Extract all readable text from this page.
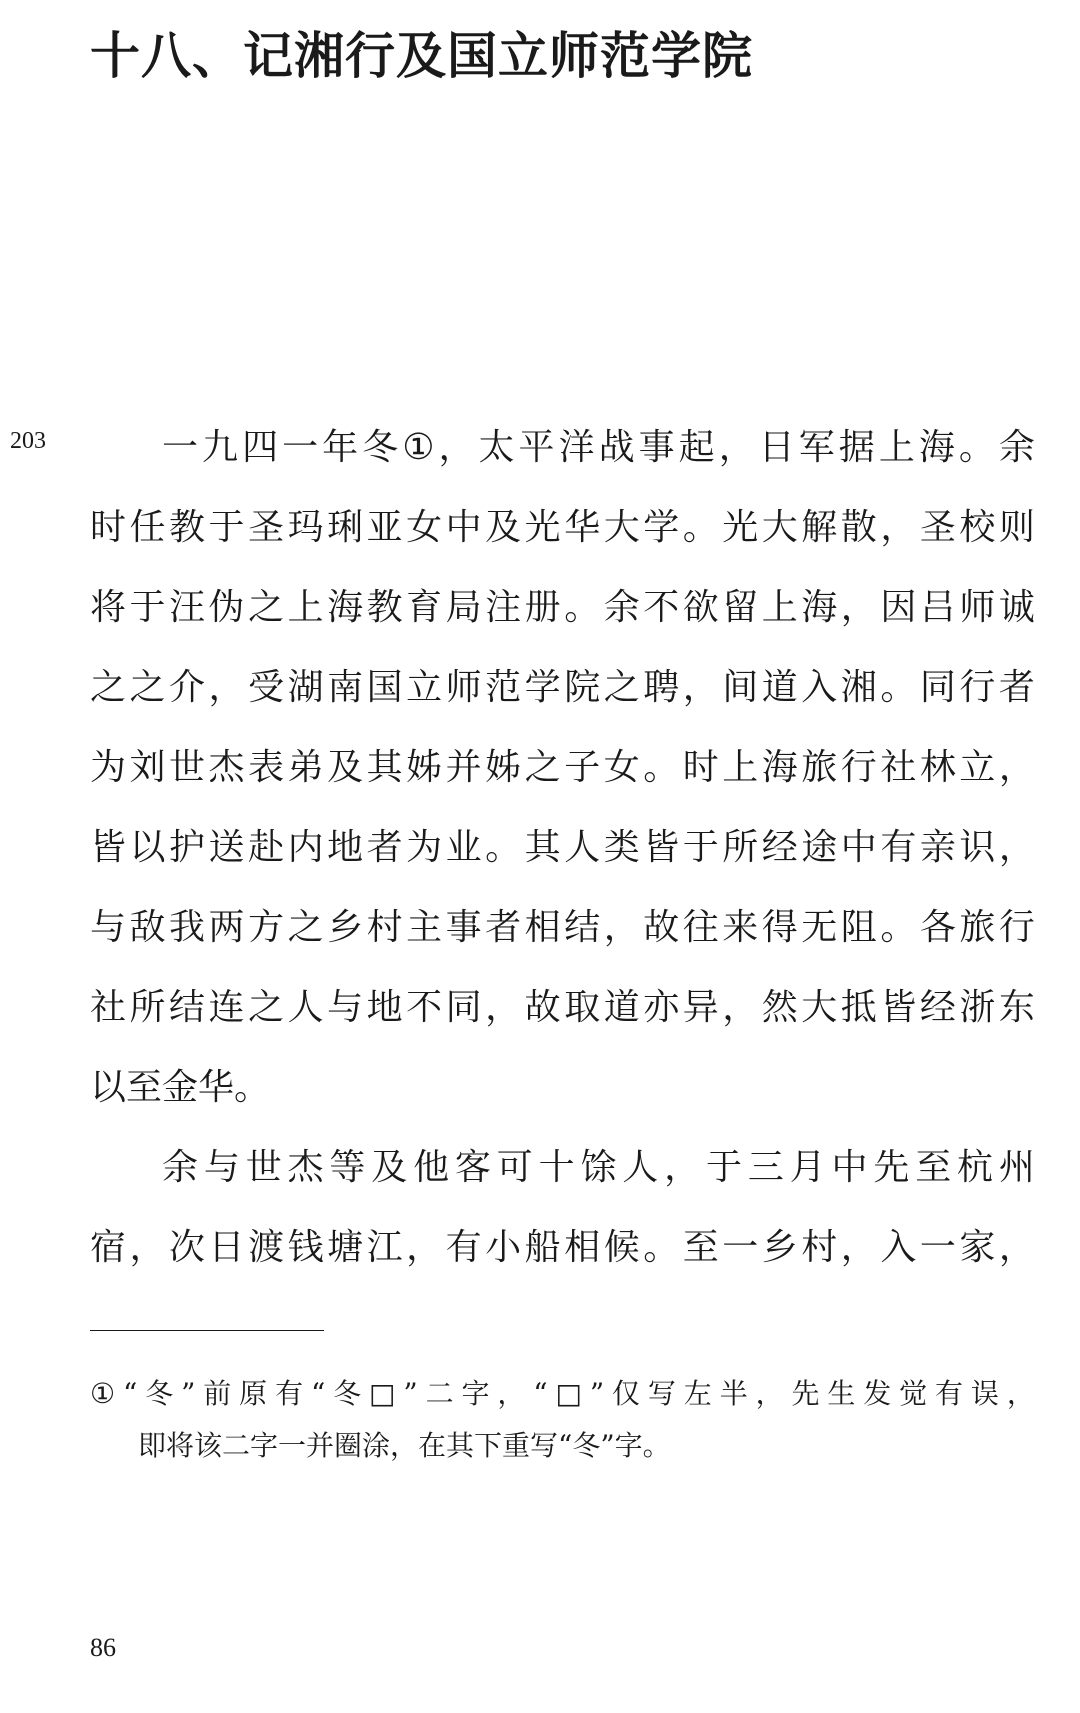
十八、记湘行及国立师范学院
203	一 九 四 一 年 冬 ① ， 太 平 洋 战 事 起 ， 日 军 据 上 海 。 余
时 任 教 于 圣 玛 琍 亚 女 中 及 光 华 大 学 。 光 大 解 散 ， 圣 校 则
将 于 汪 伪 之 上 海 教 育 局 注 册 。 余 不 欲 留 上 海 ， 因 吕 师 诚
之 之 介 ， 受 湖 南 国 立 师 范 学 院 之 聘 ， 间 道 入 湘 。 同 行 者
为 刘 世 杰 表 弟 及 其 姊 并 姊 之 子 女 。 时 上 海 旅 行 社 林 立 ，
皆 以 护 送 赴 内 地 者 为 业 。 其 人 类 皆 于 所 经 途 中 有 亲 识 ，
与 敌 我 两 方 之 乡 村 主 事 者 相 结 ， 故 往 来 得 无 阻 。 各 旅 行
社 所 结 连 之 人 与 地 不 同 ， 故 取 道 亦 异 ， 然 大 抵 皆 经 浙 东
以至金华。
余 与 世 杰 等 及 他 客 可 十 馀 人 ， 于 三 月 中 先 至 杭 州
宿 ， 次 日 渡 钱 塘 江 ， 有 小 船 相 候 。 至 一 乡 村 ， 入 一 家 ，
① “ 冬 ” 前 原 有 “ 冬 □ ” 二 字 ， “ □ ” 仅 写 左 半 ， 先 生 发 觉 有 误 ，
即将该二字一并圈涂，在其下重写“冬”字。
86
